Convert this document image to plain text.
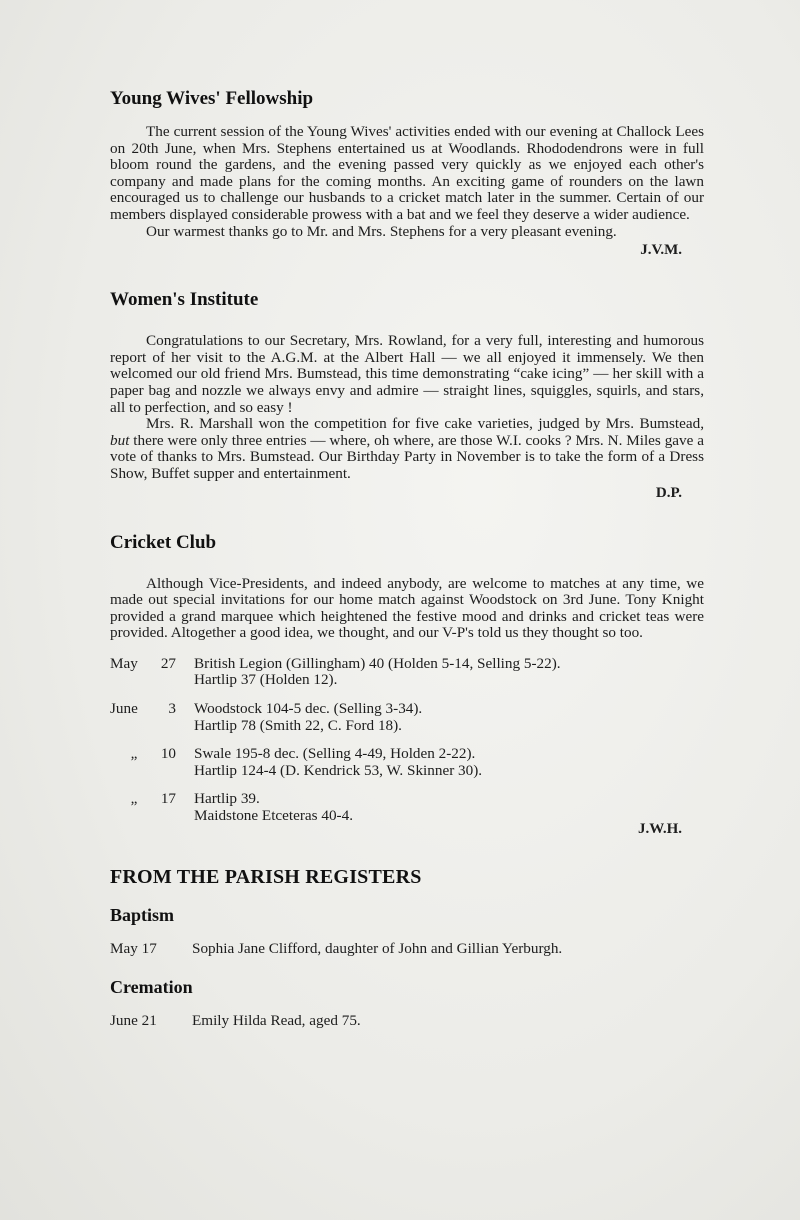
Young Wives' Fellowship

The current session of the Young Wives' activities ended with our evening at Challock Lees on 20th June, when Mrs. Stephens entertained us at Woodlands. Rhododendrons were in full bloom round the gardens, and the evening passed very quickly as we enjoyed each other's company and made plans for the coming months. An exciting game of rounders on the lawn encouraged us to challenge our husbands to a cricket match later in the summer. Certain of our members displayed considerable prowess with a bat and we feel they deserve a wider audience.

Our warmest thanks go to Mr. and Mrs. Stephens for a very pleasant evening.

J.V.M.
Women's Institute

Congratulations to our Secretary, Mrs. Rowland, for a very full, interesting and humorous report of her visit to the A.G.M. at the Albert Hall — we all enjoyed it immensely. We then welcomed our old friend Mrs. Bumstead, this time demonstrating “cake icing” — her skill with a paper bag and nozzle we always envy and admire — straight lines, squiggles, squirls, and stars, all to perfection, and so easy !

Mrs. R. Marshall won the competition for five cake varieties, judged by Mrs. Bumstead, but there were only three entries — where, oh where, are those W.I. cooks ? Mrs. N. Miles gave a vote of thanks to Mrs. Bumstead. Our Birthday Party in November is to take the form of a Dress Show, Buffet supper and entertainment.

D.P.
Cricket Club

Although Vice-Presidents, and indeed anybody, are welcome to matches at any time, we made out special invitations for our home match against Woodstock on 3rd June. Tony Knight provided a grand marquee which heightened the festive mood and drinks and cricket teas were provided. Altogether a good idea, we thought, and our V-P's told us they thought so too.

May	27 British Legion (Gillingham) 40 (Holden 5-14, Selling 5-22).
Hartlip 37 (Holden 12).
June	3 Woodstock 104-5 dec. (Selling 3-34).
Hartlip 78 (Smith 22, C. Ford 18).
„	10 Swale 195-8 dec. (Selling 4-49, Holden 2-22).
Hartlip 124-4 (D. Kendrick 53, W. Skinner 30).
„	17 Hartlip 39.
Maidstone Etceteras 40-4.
J.W.H.
FROM THE PARISH REGISTERS
Baptism
May 17	Sophia Jane Clifford, daughter of John and Gillian Yerburgh.
Cremation
June 21	Emily Hilda Read, aged 75.
